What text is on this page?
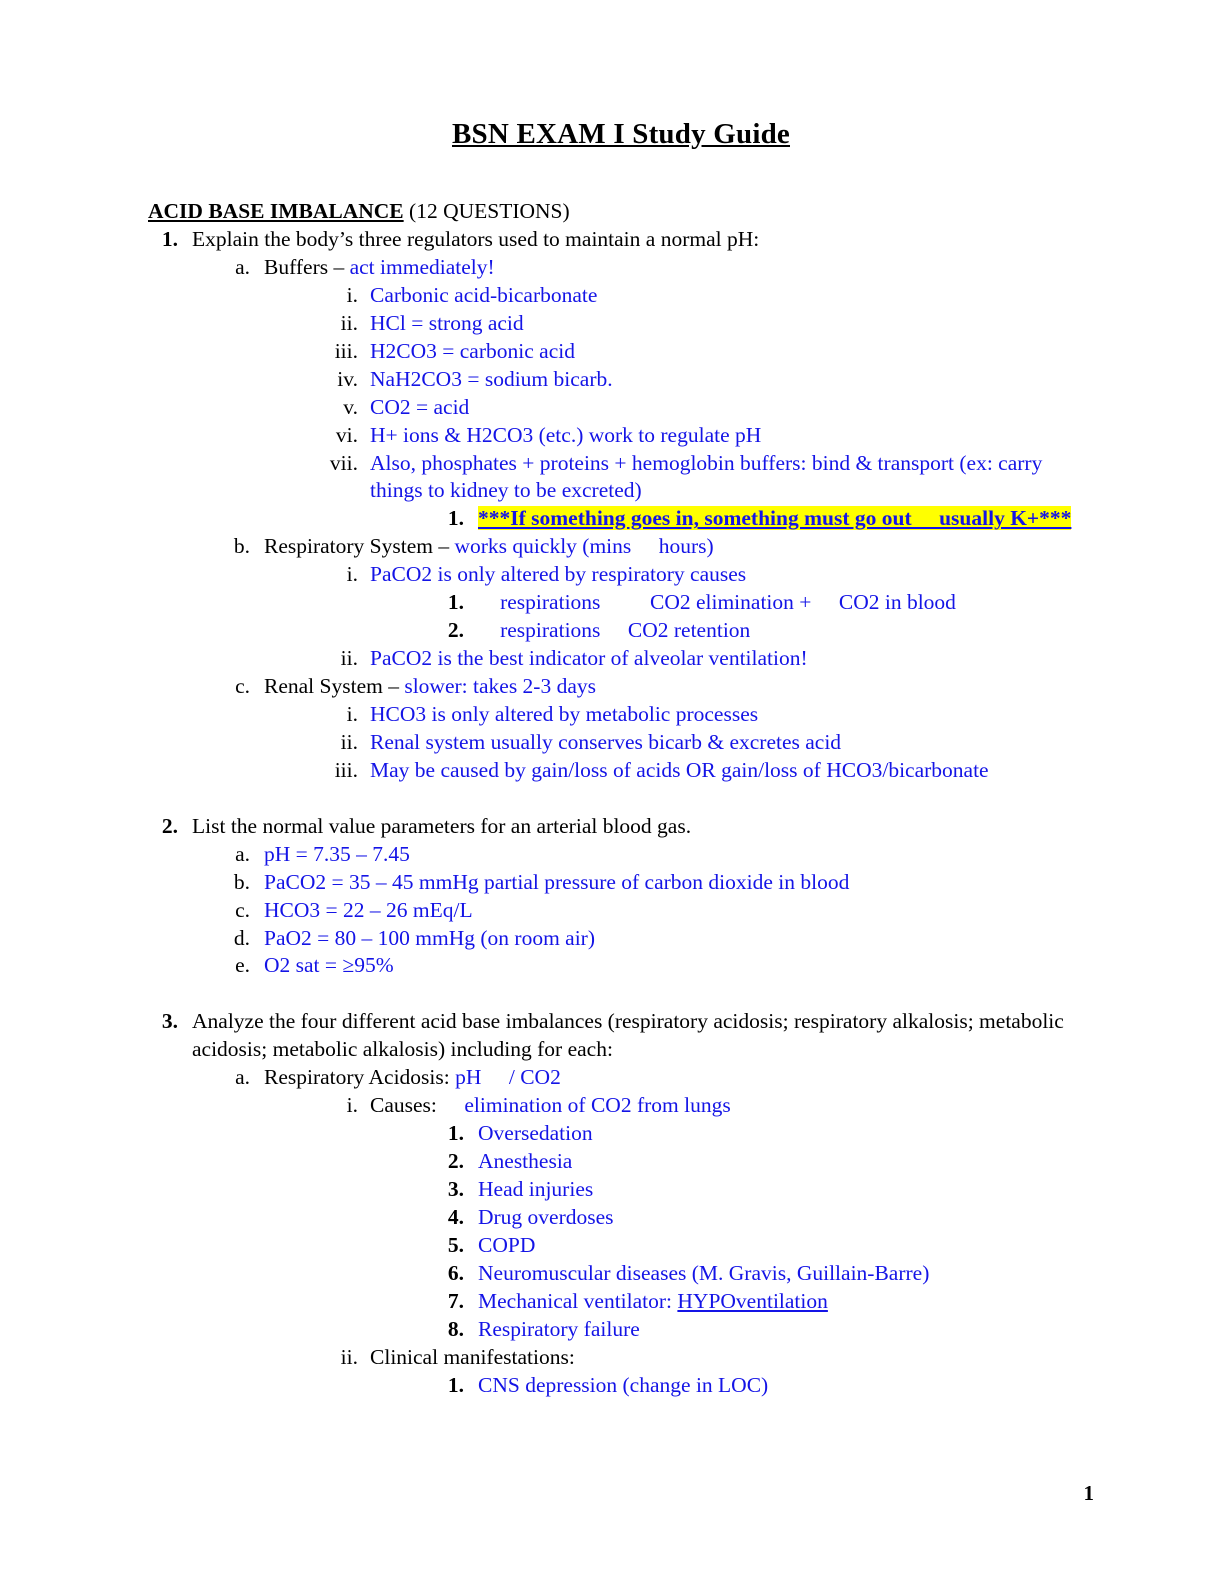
BSN EXAM I Study Guide

ACID BASE IMBALANCE (12 QUESTIONS)

1. Explain the body’s three regulators used to maintain a normal pH:
a. Buffers – act immediately!
i. Carbonic acid-bicarbonate
ii. HCl = strong acid
iii. H2CO3 = carbonic acid
iv. NaH2CO3 = sodium bicarb.
v. CO2 = acid
vi. H+ ions & H2CO3 (etc.) work to regulate pH
vii. Also, phosphates + proteins + hemoglobin buffers: bind & transport (ex: carry things to kidney to be excreted)
1. ***If something goes in, something must go out usually K+***
b. Respiratory System – works quickly (mins hours)
i. PaCO2 is only altered by respiratory causes
1. respirations CO2 elimination + CO2 in blood
2. respirations CO2 retention
ii. PaCO2 is the best indicator of alveolar ventilation!
c. Renal System – slower: takes 2-3 days
i. HCO3 is only altered by metabolic processes
ii. Renal system usually conserves bicarb & excretes acid
iii. May be caused by gain/loss of acids OR gain/loss of HCO3/bicarbonate
2. List the normal value parameters for an arterial blood gas.
a. pH = 7.35 – 7.45
b. PaCO2 = 35 – 45 mmHg partial pressure of carbon dioxide in blood
c. HCO3 = 22 – 26 mEq/L
d. PaO2 = 80 – 100 mmHg (on room air)
e. O2 sat = ≥95%
3. Analyze the four different acid base imbalances (respiratory acidosis; respiratory alkalosis; metabolic acidosis; metabolic alkalosis) including for each:
a. Respiratory Acidosis: pH / CO2
i. Causes: elimination of CO2 from lungs
1. Oversedation
2. Anesthesia
3. Head injuries
4. Drug overdoses
5. COPD
6. Neuromuscular diseases (M. Gravis, Guillain-Barre)
7. Mechanical ventilator: HYPOventilation
8. Respiratory failure
ii. Clinical manifestations:
1. CNS depression (change in LOC)
1
